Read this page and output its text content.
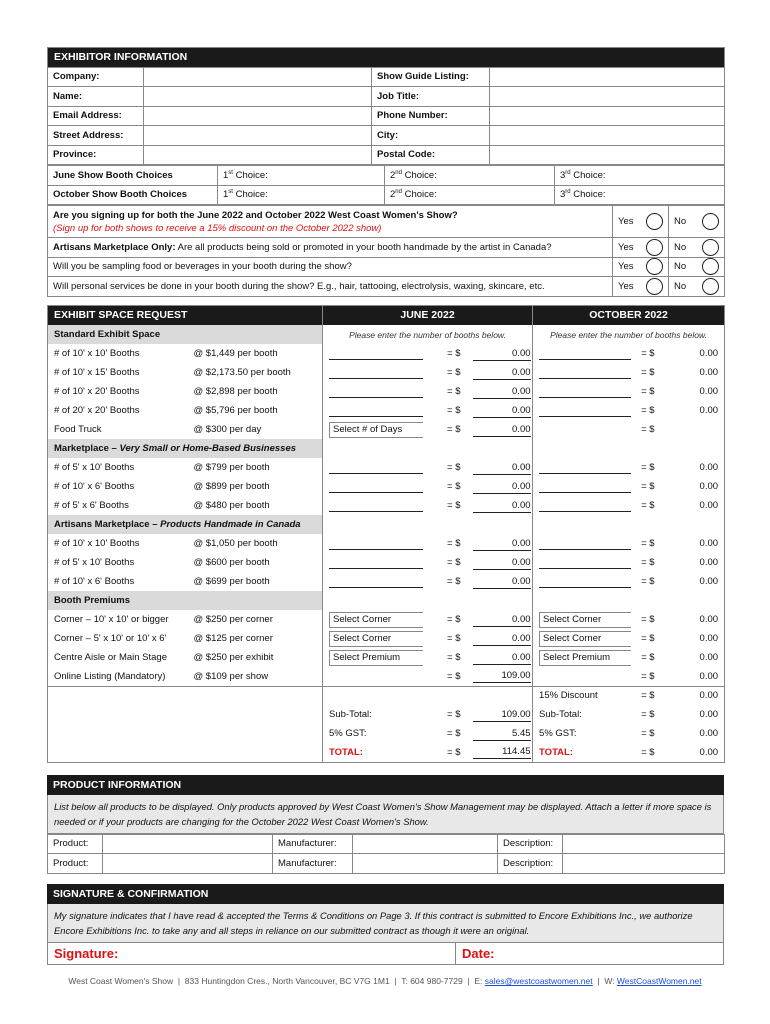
EXHIBITOR INFORMATION			
Company:		Show Guide Listing:	
Name:		Job Title:	
Email Address:		Phone Number:	
Street Address:		City:	
Province:		Postal Code:	
June Show Booth Choices	1st Choice:	2nd Choice:	3rd Choice:
October Show Booth Choices	1st Choice:	2nd Choice:	3rd Choice:
Are you signing up for both the June 2022 and October 2022 West Coast Women's Show?
(Sign up for both shows to receive a 15% discount on the October 2022 show)	Yes	No

Artisans Marketplace Only: Are all products being sold or promoted in your booth handmade by the artist in Canada?	Yes	No

Will you be sampling food or beverages in your booth during the show?	Yes	No

Will personal services be done in your booth during the show? E.g., hair, tattooing, electrolysis, waxing, skincare, etc.	Yes	No
EXHIBIT SPACE REQUEST		JUNE 2022			OCTOBER 2022		
Standard Exhibit Space		Please enter the number of booths below.			Please enter the number of booths below.		
# of 10' x 10' Booths	@ $1,449 per booth		= $	0.00		= $	0.00
# of 10' x 15' Booths	@ $2,173.50 per booth		= $	0.00		= $	0.00
# of 10' x 20' Booths	@ $2,898 per booth		= $	0.00		= $	0.00
# of 20' x 20' Booths	@ $5,796 per booth		= $	0.00		= $	0.00
Food Truck	@ $300 per day	Select # of Days	= $	0.00		= $	
Marketplace – Very Small or Home-Based Businesses							
# of 5' x 10' Booths	@ $799 per booth		= $	0.00		= $	0.00
# of 10' x 6' Booths	@ $899 per booth		= $	0.00		= $	0.00
# of 5' x 6' Booths	@ $480 per booth		= $	0.00		= $	0.00
Artisans Marketplace – Products Handmade in Canada							
# of 10' x 10' Booths	@ $1,050 per booth		= $	0.00		= $	0.00
# of 5' x 10' Booths	@ $600 per booth		= $	0.00		= $	0.00
# of 10' x 6' Booths	@ $699 per booth		= $	0.00		= $	0.00
Booth Premiums							
Corner – 10' x 10' or bigger	@ $250 per corner	Select Corner	= $	0.00	Select Corner	= $	0.00
Corner – 5' x 10' or 10' x 6'	@ $125 per corner	Select Corner	= $	0.00	Select Corner	= $	0.00
Centre Aisle or Main Stage	@ $250 per exhibit	Select Premium	= $	0.00	Select Premium	= $	0.00
Online Listing (Mandatory)	@ $109 per show		= $	109.00		= $	0.00
					15% Discount	= $	0.00
		Sub-Total:	= $	109.00	Sub-Total:	= $	0.00
		5% GST:	= $	5.45	5% GST:	= $	0.00
		TOTAL:	= $	114.45	TOTAL:	= $	0.00
PRODUCT INFORMATION
List below all products to be displayed. Only products approved by West Coast Women's Show Management may be displayed. Attach a letter if more space is needed or if your products are changing for the October 2022 West Coast Women's Show.
Product:		Manufacturer:		Description:	
Product:		Manufacturer:		Description:	
SIGNATURE & CONFIRMATION
My signature indicates that I have read & accepted the Terms & Conditions on Page 3. If this contract is submitted to Encore Exhibitions Inc., we authorize Encore Exhibitions Inc. to take any and all steps in reliance on our submitted contract as though it were an original.
Signature:	Date:
West Coast Women's Show | 833 Huntingdon Cres., North Vancouver, BC V7G 1M1 | T: 604 980-7729 | E: sales@westcoastwomen.net | W: WestCoastWomen.net
